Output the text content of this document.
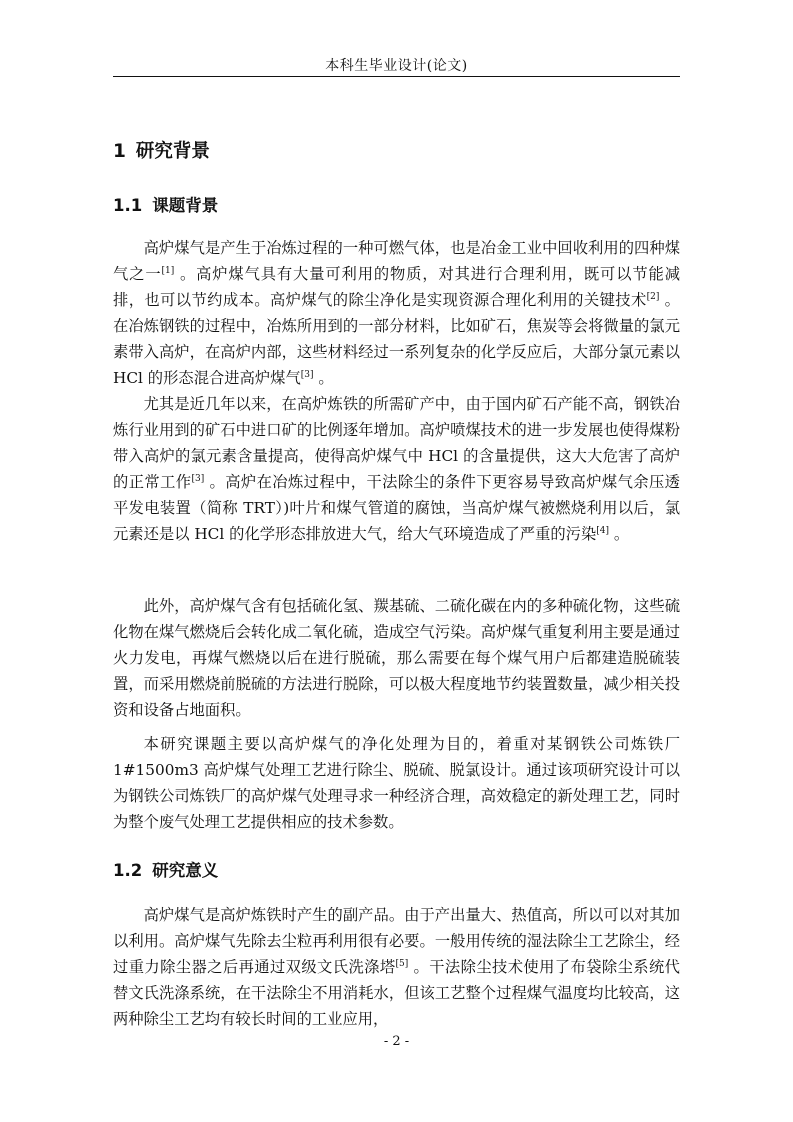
本科生毕业设计(论文)
1 研究背景
1.1 课题背景

高炉煤气是产生于冶炼过程的一种可燃气体，也是冶金工业中回收利用的四种煤气之一[1] 。高炉煤气具有大量可利用的物质，对其进行合理利用，既可以节能减排，也可以节约成本。高炉煤气的除尘净化是实现资源合理化利用的关键技术[2] 。在冶炼钢铁的过程中，冶炼所用到的一部分材料，比如矿石，焦炭等会将微量的氯元素带入高炉，在高炉内部，这些材料经过一系列复杂的化学反应后，大部分氯元素以 HCl 的形态混合进高炉煤气[3] 。

尤其是近几年以来，在高炉炼铁的所需矿产中，由于国内矿石产能不高，钢铁冶炼行业用到的矿石中进口矿的比例逐年增加。高炉喷煤技术的进一步发展也使得煤粉带入高炉的氯元素含量提高，使得高炉煤气中 HCl 的含量提供，这大大危害了高炉的正常工作[3] 。高炉在冶炼过程中，干法除尘的条件下更容易导致高炉煤气余压透平发电装置（简称 TRT）)叶片和煤气管道的腐蚀，当高炉煤气被燃烧利用以后，氯元素还是以 HCl 的化学形态排放进大气，给大气环境造成了严重的污染[4] 。

此外，高炉煤气含有包括硫化氢、羰基硫、二硫化碳在内的多种硫化物，这些硫化物在煤气燃烧后会转化成二氧化硫，造成空气污染。高炉煤气重复利用主要是通过火力发电，再煤气燃烧以后在进行脱硫，那么需要在每个煤气用户后都建造脱硫装置，而采用燃烧前脱硫的方法进行脱除，可以极大程度地节约装置数量，减少相关投资和设备占地面积。

本研究课题主要以高炉煤气的净化处理为目的，着重对某钢铁公司炼铁厂 1#1500m3 高炉煤气处理工艺进行除尘、脱硫、脱氯设计。通过该项研究设计可以为钢铁公司炼铁厂的高炉煤气处理寻求一种经济合理，高效稳定的新处理工艺，同时为整个废气处理工艺提供相应的技术参数。

1.2 研究意义

高炉煤气是高炉炼铁时产生的副产品。由于产出量大、热值高，所以可以对其加以利用。高炉煤气先除去尘粒再利用很有必要。一般用传统的湿法除尘工艺除尘，经过重力除尘器之后再通过双级文氏洗涤塔[5] 。干法除尘技术使用了布袋除尘系统代替文氏洗涤系统，在干法除尘不用消耗水，但该工艺整个过程煤气温度均比较高，这两种除尘工艺均有较长时间的工业应用，

- 2 -
